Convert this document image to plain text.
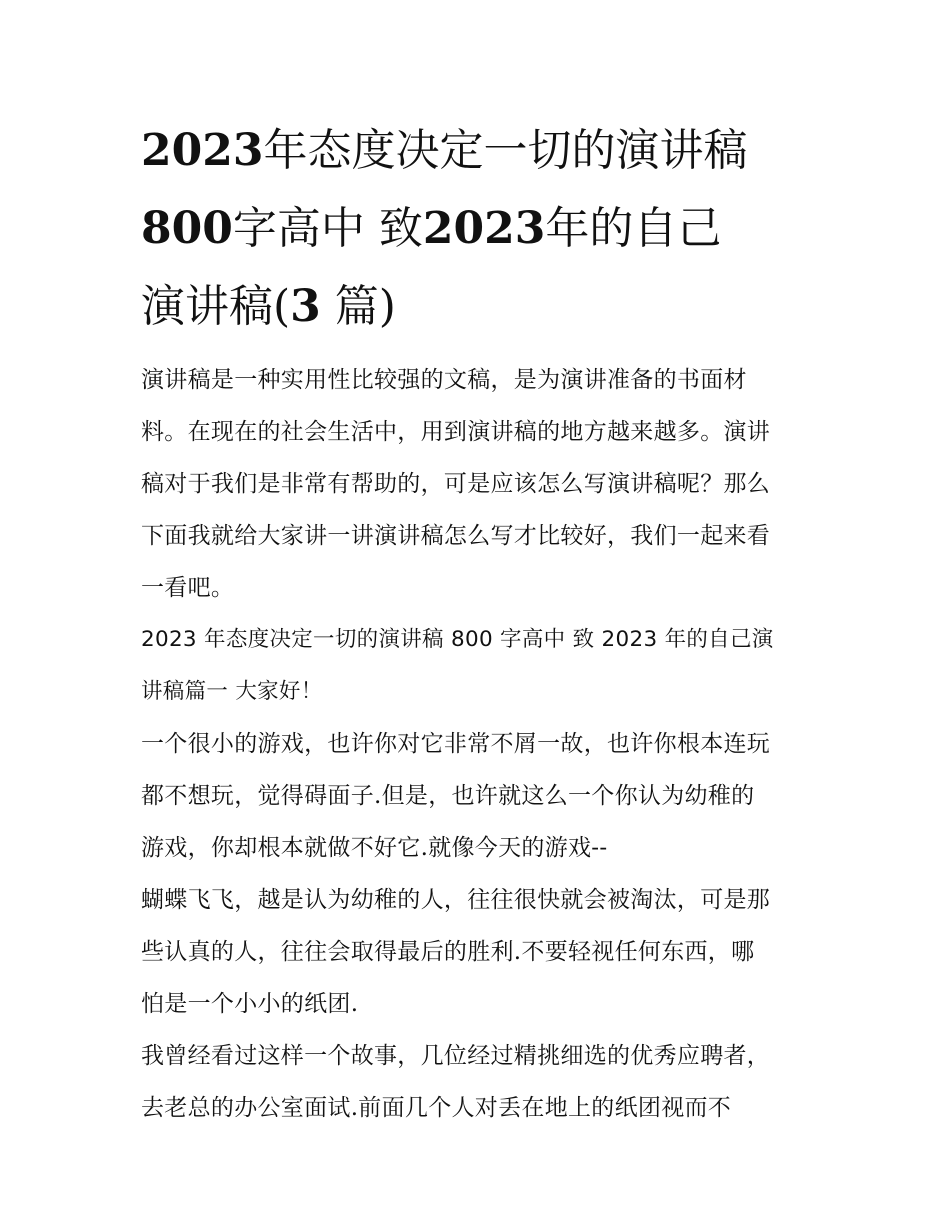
2023年态度决定一切的演讲稿
800字高中 致2023年的自己
演讲稿(3 篇)

演讲稿是一种实用性比较强的文稿，是为演讲准备的书面材
料。在现在的社会生活中，用到演讲稿的地方越来越多。演讲
稿对于我们是非常有帮助的，可是应该怎么写演讲稿呢？那么
下面我就给大家讲一讲演讲稿怎么写才比较好，我们一起来看
一看吧。

2023 年态度决定一切的演讲稿 800 字高中 致 2023 年的自己演
讲稿篇一 大家好！

一个很小的游戏，也许你对它非常不屑一故，也许你根本连玩
都不想玩，觉得碍面子.但是，也许就这么一个你认为幼稚的
游戏，你却根本就做不好它.就像今天的游戏--

蝴蝶飞飞，越是认为幼稚的人，往往很快就会被淘汰，可是那
些认真的人，往往会取得最后的胜利.不要轻视任何东西，哪
怕是一个小小的纸团.

我曾经看过这样一个故事，几位经过精挑细选的优秀应聘者，
去老总的办公室面试.前面几个人对丢在地上的纸团视而不
